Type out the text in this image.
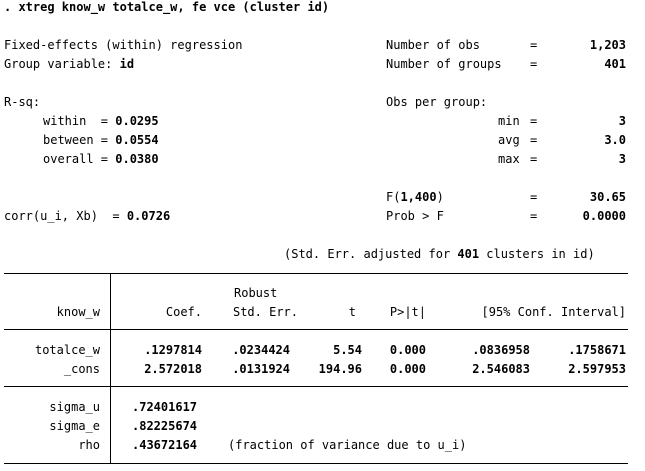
. xtreg know_w totalce_w, fe vce (cluster id)
Fixed-effects (within) regression	Number of obs	=	1,203
Group variable: id	Number of groups =	401
R-sq:	Obs per group:
within  = 0.0295	min =	3
between = 0.0554	avg =	3.0
overall = 0.0380	max =	3
F(1,400)	=	30.65
corr(u_i, Xb)  = 0.0726	Prob > F	=	0.0000
(Std. Err. adjusted for 401 clusters in id)
Robust
know_w	Coef.	Std. Err.	t	P>|t|	[95% Conf. Interval]
totalce_w	.1297814	.0234424	5.54	0.000	.0836958	.1758671
_cons	2.572018	.0131924	194.96	0.000	2.546083	2.597953
sigma_u	.72401617
sigma_e	.82225674
rho	.43672164	(fraction of variance due to u_i)
